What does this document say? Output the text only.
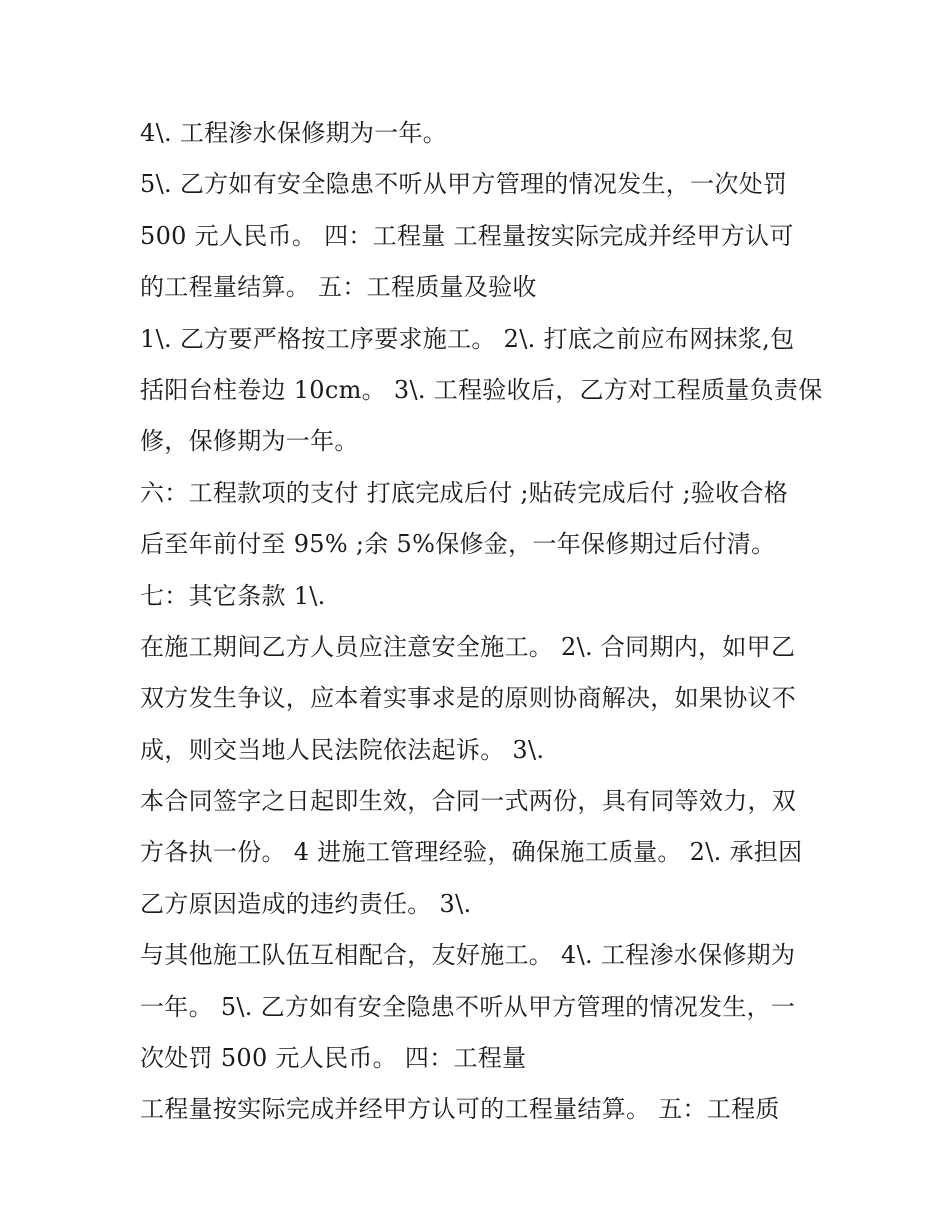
4\. 工程渗水保修期为一年。
5\. 乙方如有安全隐患不听从甲方管理的情况发生，一次处罚
500 元人民币。 四：工程量 工程量按实际完成并经甲方认可
的工程量结算。 五：工程质量及验收
1\. 乙方要严格按工序要求施工。 2\. 打底之前应布网抹浆,包
括阳台柱卷边 10cm。 3\. 工程验收后，乙方对工程质量负责保
修，保修期为一年。
六：工程款项的支付 打底完成后付 ;贴砖完成后付 ;验收合格
后至年前付至 95% ;余 5%保修金，一年保修期过后付清。
七：其它条款 1\.
在施工期间乙方人员应注意安全施工。 2\. 合同期内，如甲乙
双方发生争议，应本着实事求是的原则协商解决，如果协议不
成，则交当地人民法院依法起诉。 3\.
本合同签字之日起即生效，合同一式两份，具有同等效力，双
方各执一份。 4 进施工管理经验，确保施工质量。 2\. 承担因
乙方原因造成的违约责任。 3\.
与其他施工队伍互相配合，友好施工。 4\. 工程渗水保修期为
一年。 5\. 乙方如有安全隐患不听从甲方管理的情况发生，一
次处罚 500 元人民币。 四：工程量
工程量按实际完成并经甲方认可的工程量结算。 五：工程质
